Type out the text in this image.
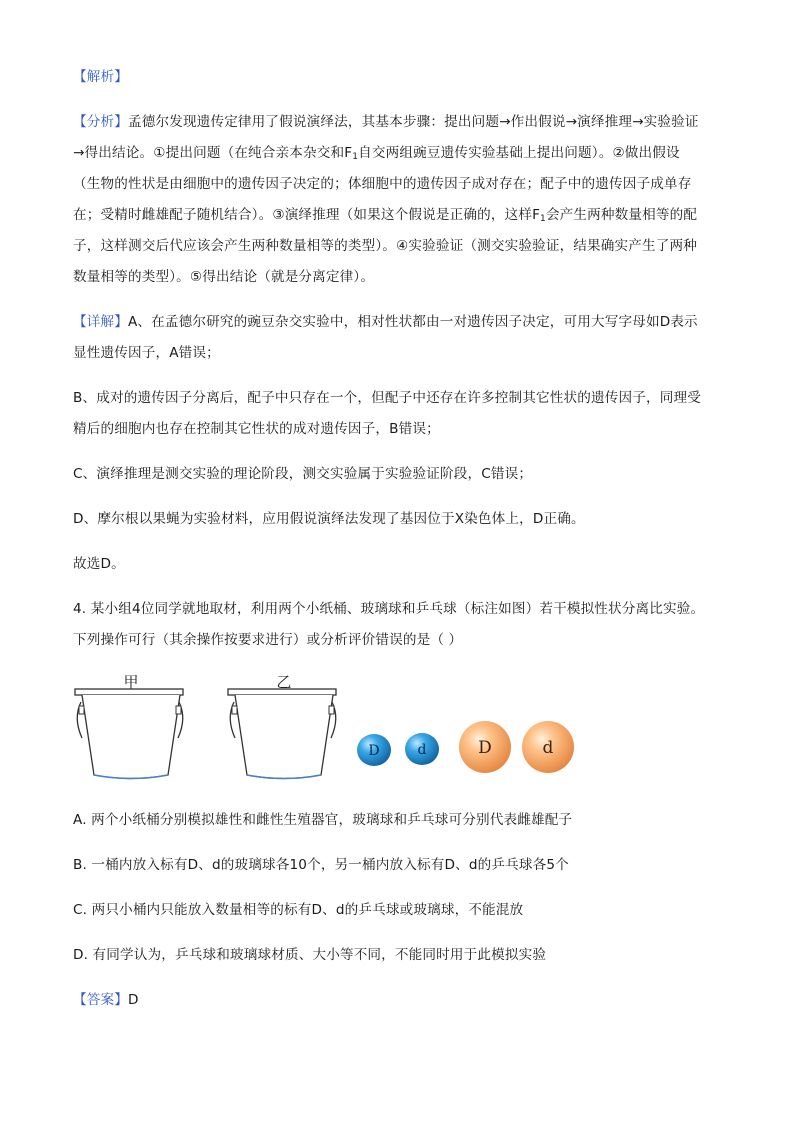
【解析】
【分析】孟德尔发现遗传定律用了假说演绎法，其基本步骤：提出问题→作出假说→演绎推理→实验验证
→得出结论。①提出问题（在纯合亲本杂交和$F_1$自交两组豌豆遗传实验基础上提出问题）。②做出假设
（生物的性状是由细胞中的遗传因子决定的；体细胞中的遗传因子成对存在；配子中的遗传因子成单存
在；受精时雌雄配子随机结合）。③演绎推理（如果这个假说是正确的，这样$F_1$会产生两种数量相等的配
子，这样测交后代应该会产生两种数量相等的类型）。④实验验证（测交实验验证，结果确实产生了两种
数量相等的类型）。⑤得出结论（就是分离定律）。
【详解】A、在孟德尔研究的豌豆杂交实验中，相对性状都由一对遗传因子决定，可用大写字母如D表示
显性遗传因子，A错误；
B、成对的遗传因子分离后，配子中只存在一个，但配子中还存在许多控制其它性状的遗传因子，同理受
精后的细胞内也存在控制其它性状的成对遗传因子，B错误；
C、演绎推理是测交实验的理论阶段，测交实验属于实验验证阶段，C错误；
D、摩尔根以果蝇为实验材料，应用假说演绎法发现了基因位于X染色体上，D正确。
故选D。
4. 某小组4位同学就地取材，利用两个小纸桶、玻璃球和乒乓球（标注如图）若干模拟性状分离比实验。
下列操作可行（其余操作按要求进行）或分析评价错误的是（ ）
甲	乙
D	d	D	d
A. 两个小纸桶分别模拟雄性和雌性生殖器官，玻璃球和乒乓球可分别代表雌雄配子
B. 一桶内放入标有D、d的玻璃球各10个，另一桶内放入标有D、d的乒乓球各5个
C. 两只小桶内只能放入数量相等的标有D、d的乒乓球或玻璃球，不能混放
D. 有同学认为，乒乓球和玻璃球材质、大小等不同，不能同时用于此模拟实验
【答案】D
